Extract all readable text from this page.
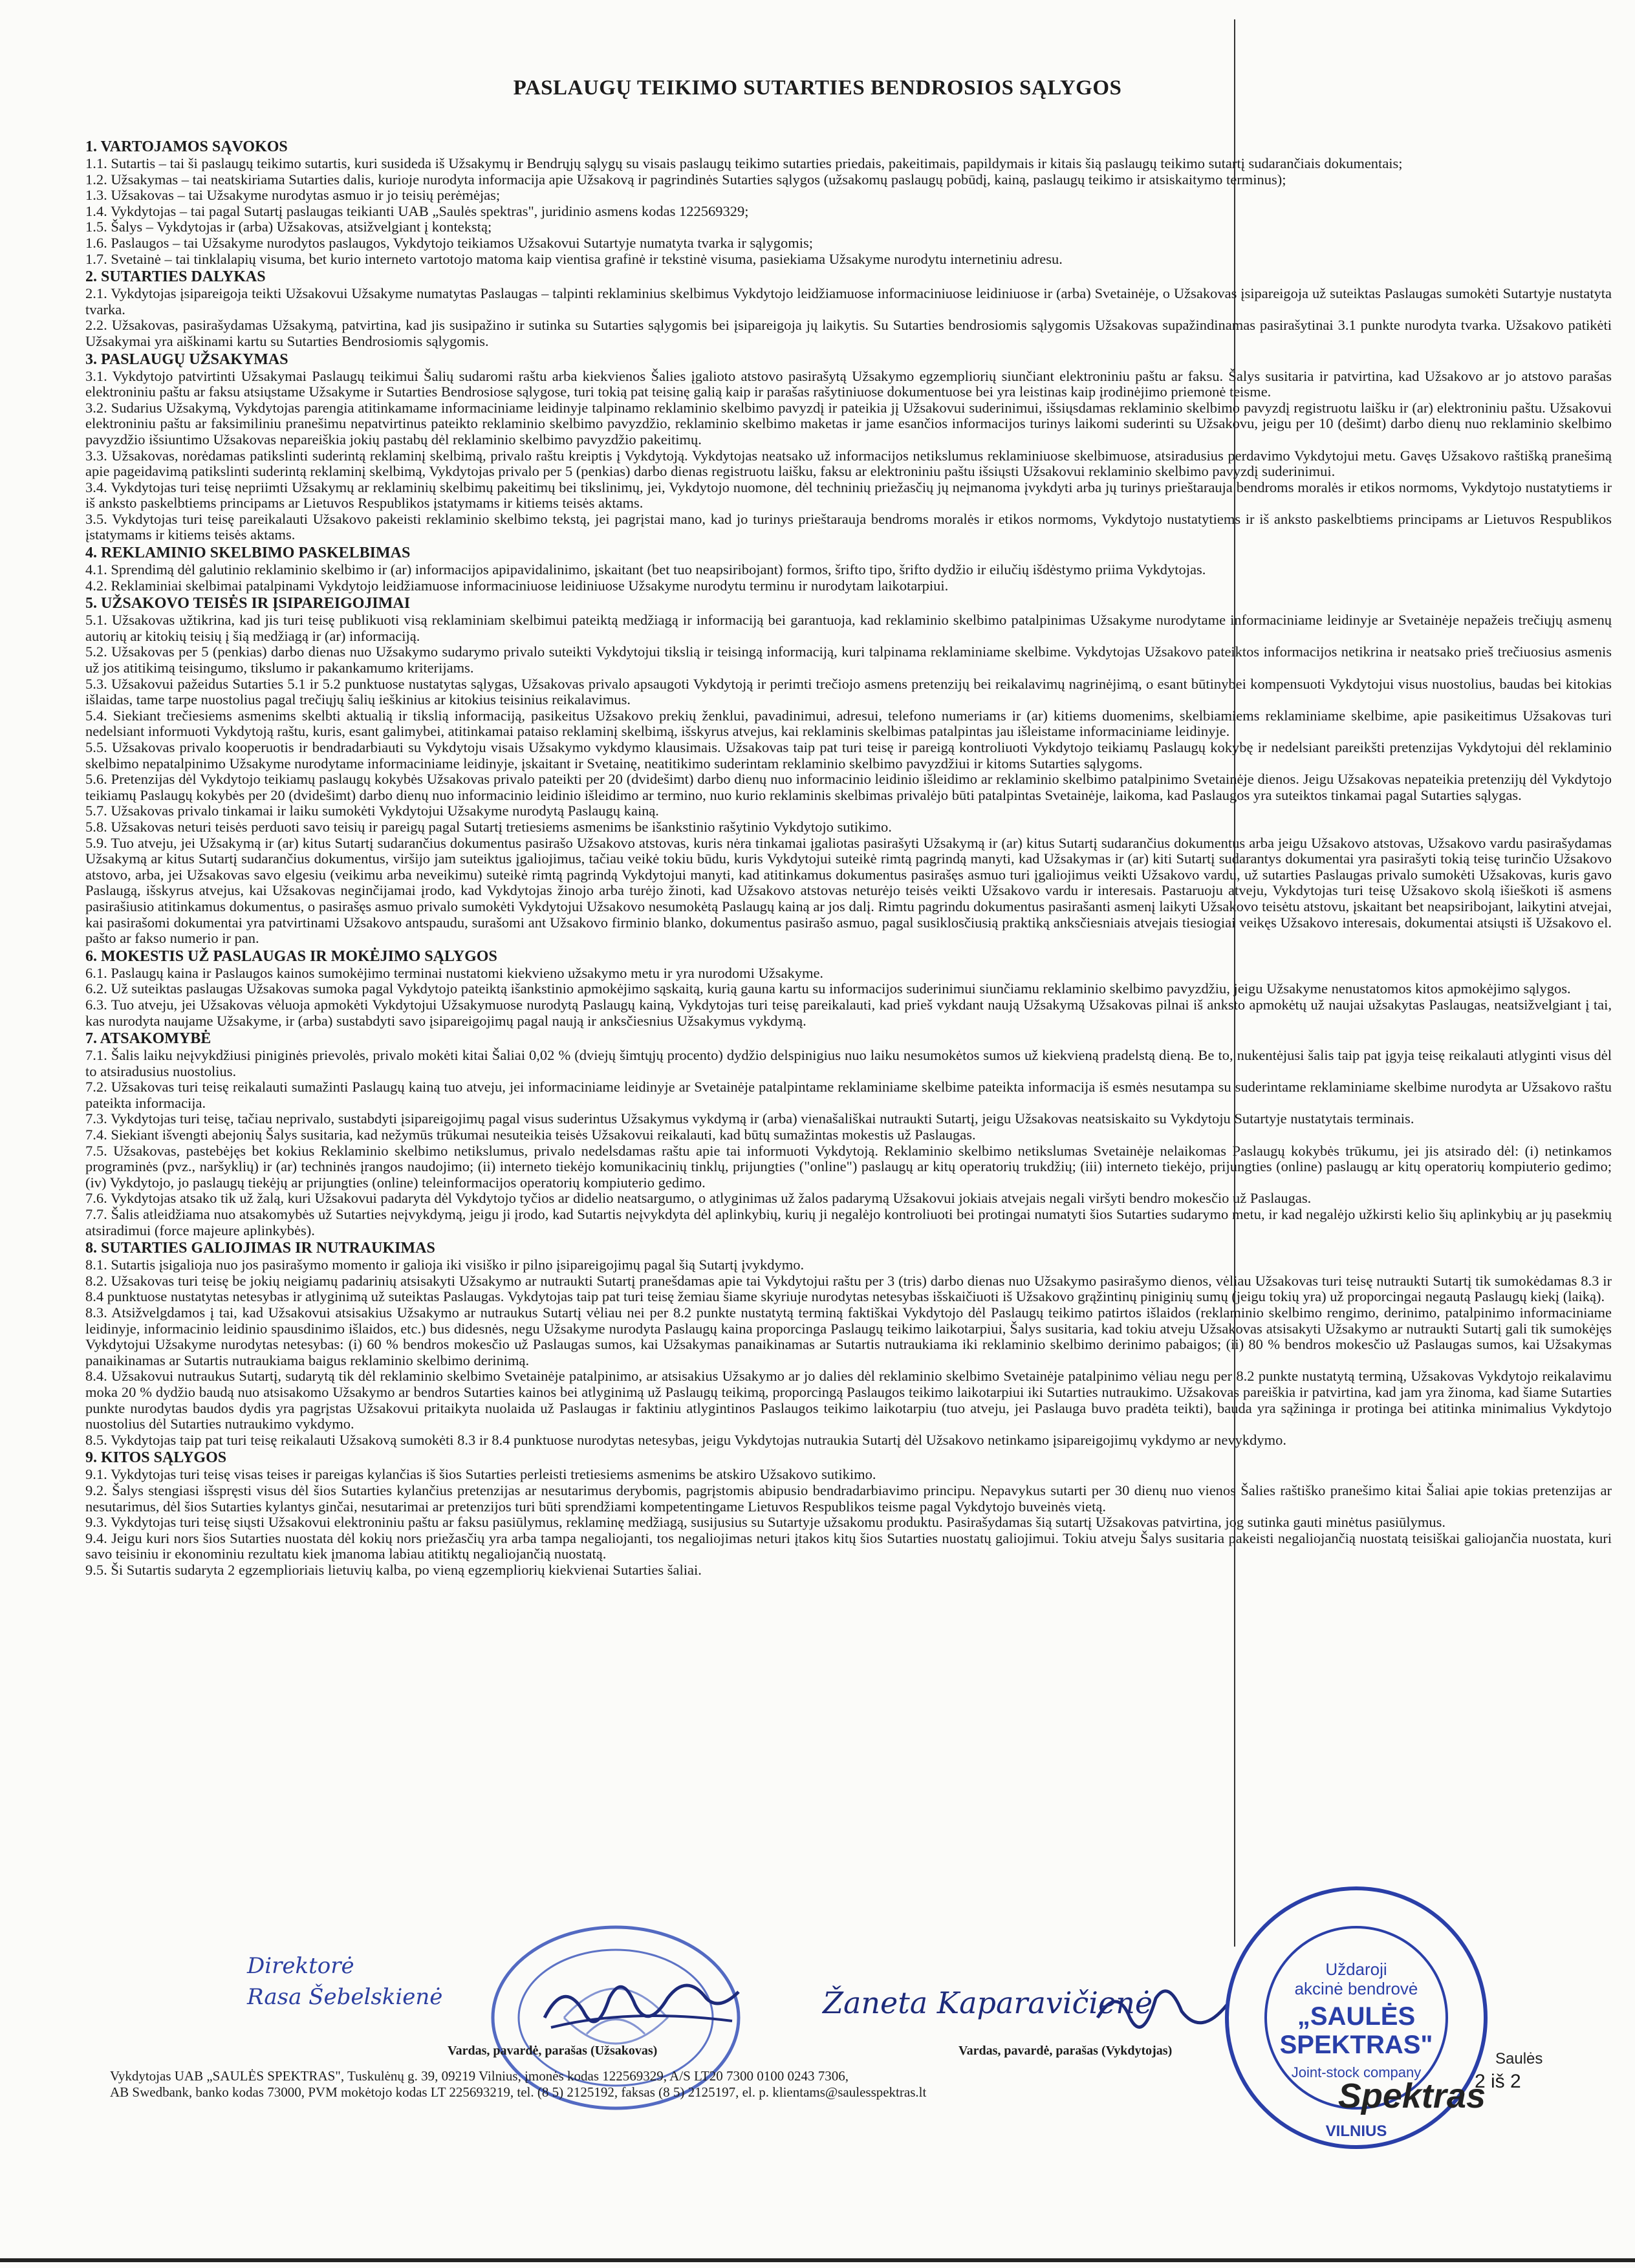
PASLAUGŲ TEIKIMO SUTARTIES BENDROSIOS SĄLYGOS
1. VARTOJAMOS SĄVOKOS

1.1. Sutartis – tai ši paslaugų teikimo sutartis, kuri susideda iš Užsakymų ir Bendrųjų sąlygų su visais paslaugų teikimo sutarties priedais, pakeitimais, papildymais ir kitais šią paslaugų teikimo sutartį sudarančiais dokumentais;

1.2. Užsakymas – tai neatskiriama Sutarties dalis, kurioje nurodyta informacija apie Užsakovą ir pagrindinės Sutarties sąlygos (užsakomų paslaugų pobūdį, kainą, paslaugų teikimo ir atsiskaitymo terminus);

1.3. Užsakovas – tai Užsakyme nurodytas asmuo ir jo teisių perėmėjas;

1.4. Vykdytojas – tai pagal Sutartį paslaugas teikianti UAB „Saulės spektras", juridinio asmens kodas 122569329;

1.5. Šalys – Vykdytojas ir (arba) Užsakovas, atsižvelgiant į kontekstą;

1.6. Paslaugos – tai Užsakyme nurodytos paslaugos, Vykdytojo teikiamos Užsakovui Sutartyje numatyta tvarka ir sąlygomis;

1.7. Svetainė – tai tinklalapių visuma, bet kurio interneto vartotojo matoma kaip vientisa grafinė ir tekstinė visuma, pasiekiama Užsakyme nurodytu internetiniu adresu.

2. SUTARTIES DALYKAS

2.1. Vykdytojas įsipareigoja teikti Užsakovui Užsakyme numatytas Paslaugas – talpinti reklaminius skelbimus Vykdytojo leidžiamuose informaciniuose leidiniuose ir (arba) Svetainėje, o Užsakovas įsipareigoja už suteiktas Paslaugas sumokėti Sutartyje nustatyta tvarka.

2.2. Užsakovas, pasirašydamas Užsakymą, patvirtina, kad jis susipažino ir sutinka su Sutarties sąlygomis bei įsipareigoja jų laikytis. Su Sutarties bendrosiomis sąlygomis Užsakovas supažindinamas pasirašytinai 3.1 punkte nurodyta tvarka. Užsakovo patikėti Užsakymai yra aiškinami kartu su Sutarties Bendrosiomis sąlygomis.

3. PASLAUGŲ UŽSAKYMAS

3.1. Vykdytojo patvirtinti Užsakymai Paslaugų teikimui Šalių sudaromi raštu arba kiekvienos Šalies įgalioto atstovo pasirašytą Užsakymo egzempliorių siunčiant elektroniniu paštu ar faksu. Šalys susitaria ir patvirtina, kad Užsakovo ar jo atstovo parašas elektroniniu paštu ar faksu atsiųstame Užsakyme ir Sutarties Bendrosiose sąlygose, turi tokią pat teisinę galią kaip ir parašas rašytiniuose dokumentuose bei yra leistinas kaip įrodinėjimo priemonė teisme.

3.2. Sudarius Užsakymą, Vykdytojas parengia atitinkamame informaciniame leidinyje talpinamo reklaminio skelbimo pavyzdį ir pateikia jį Užsakovui suderinimui, išsiųsdamas reklaminio skelbimo pavyzdį registruotu laišku ir (ar) elektroniniu paštu. Užsakovui elektroniniu paštu ar faksimiliniu pranešimu nepatvirtinus pateikto reklaminio skelbimo pavyzdžio, reklaminio skelbimo maketas ir jame esančios informacijos turinys laikomi suderinti su Užsakovu, jeigu per 10 (dešimt) darbo dienų nuo reklaminio skelbimo pavyzdžio išsiuntimo Užsakovas nepareiškia jokių pastabų dėl reklaminio skelbimo pavyzdžio pakeitimų.

3.3. Užsakovas, norėdamas patikslinti suderintą reklaminį skelbimą, privalo raštu kreiptis į Vykdytoją. Vykdytojas neatsako už informacijos netikslumus reklaminiuose skelbimuose, atsiradusius perdavimo Vykdytojui metu. Gavęs Užsakovo raštišką pranešimą apie pageidavimą patikslinti suderintą reklaminį skelbimą, Vykdytojas privalo per 5 (penkias) darbo dienas registruotu laišku, faksu ar elektroniniu paštu išsiųsti Užsakovui reklaminio skelbimo pavyzdį suderinimui.

3.4. Vykdytojas turi teisę nepriimti Užsakymų ar reklaminių skelbimų pakeitimų bei tikslinimų, jei, Vykdytojo nuomone, dėl techninių priežasčių jų neįmanoma įvykdyti arba jų turinys prieštarauja bendroms moralės ir etikos normoms, Vykdytojo nustatytiems ir iš anksto paskelbtiems principams ar Lietuvos Respublikos įstatymams ir kitiems teisės aktams.

3.5. Vykdytojas turi teisę pareikalauti Užsakovo pakeisti reklaminio skelbimo tekstą, jei pagrįstai mano, kad jo turinys prieštarauja bendroms moralės ir etikos normoms, Vykdytojo nustatytiems ir iš anksto paskelbtiems principams ar Lietuvos Respublikos įstatymams ir kitiems teisės aktams.

4. REKLAMINIO SKELBIMO PASKELBIMAS

4.1. Sprendimą dėl galutinio reklaminio skelbimo ir (ar) informacijos apipavidalinimo, įskaitant (bet tuo neapsiribojant) formos, šrifto tipo, šrifto dydžio ir eilučių išdėstymo priima Vykdytojas.

4.2. Reklaminiai skelbimai patalpinami Vykdytojo leidžiamuose informaciniuose leidiniuose Užsakyme nurodytu terminu ir nurodytam laikotarpiui.

5. UŽSAKOVO TEISĖS IR ĮSIPAREIGOJIMAI

5.1. Užsakovas užtikrina, kad jis turi teisę publikuoti visą reklaminiam skelbimui pateiktą medžiagą ir informaciją bei garantuoja, kad reklaminio skelbimo patalpinimas Užsakyme nurodytame informaciniame leidinyje ar Svetainėje nepažeis trečiųjų asmenų autorių ar kitokių teisių į šią medžiagą ir (ar) informaciją.

5.2. Užsakovas per 5 (penkias) darbo dienas nuo Užsakymo sudarymo privalo suteikti Vykdytojui tikslią ir teisingą informaciją, kuri talpinama reklaminiame skelbime. Vykdytojas Užsakovo pateiktos informacijos netikrina ir neatsako prieš trečiuosius asmenis už jos atitikimą teisingumo, tikslumo ir pakankamumo kriterijams.

5.3. Užsakovui pažeidus Sutarties 5.1 ir 5.2 punktuose nustatytas sąlygas, Užsakovas privalo apsaugoti Vykdytoją ir perimti trečiojo asmens pretenzijų bei reikalavimų nagrinėjimą, o esant būtinybei kompensuoti Vykdytojui visus nuostolius, baudas bei kitokias išlaidas, tame tarpe nuostolius pagal trečiųjų šalių ieškinius ar kitokius teisinius reikalavimus.

5.4. Siekiant trečiesiems asmenims skelbti aktualią ir tikslią informaciją, pasikeitus Užsakovo prekių ženklui, pavadinimui, adresui, telefono numeriams ir (ar) kitiems duomenims, skelbiamiems reklaminiame skelbime, apie pasikeitimus Užsakovas turi nedelsiant informuoti Vykdytoją raštu, kuris, esant galimybei, atitinkamai pataiso reklaminį skelbimą, išskyrus atvejus, kai reklaminis skelbimas patalpintas jau išleistame informaciniame leidinyje.

5.5. Užsakovas privalo kooperuotis ir bendradarbiauti su Vykdytoju visais Užsakymo vykdymo klausimais. Užsakovas taip pat turi teisę ir pareigą kontroliuoti Vykdytojo teikiamų Paslaugų kokybę ir nedelsiant pareikšti pretenzijas Vykdytojui dėl reklaminio skelbimo nepatalpinimo Užsakyme nurodytame informaciniame leidinyje, įskaitant ir Svetainę, neatitikimo suderintam reklaminio skelbimo pavyzdžiui ir kitoms Sutarties sąlygoms.

5.6. Pretenzijas dėl Vykdytojo teikiamų paslaugų kokybės Užsakovas privalo pateikti per 20 (dvidešimt) darbo dienų nuo informacinio leidinio išleidimo ar reklaminio skelbimo patalpinimo Svetainėje dienos. Jeigu Užsakovas nepateikia pretenzijų dėl Vykdytojo teikiamų Paslaugų kokybės per 20 (dvidešimt) darbo dienų nuo informacinio leidinio išleidimo ar termino, nuo kurio reklaminis skelbimas privalėjo būti patalpintas Svetainėje, laikoma, kad Paslaugos yra suteiktos tinkamai pagal Sutarties sąlygas.

5.7. Užsakovas privalo tinkamai ir laiku sumokėti Vykdytojui Užsakyme nurodytą Paslaugų kainą.

5.8. Užsakovas neturi teisės perduoti savo teisių ir pareigų pagal Sutartį tretiesiems asmenims be išankstinio rašytinio Vykdytojo sutikimo.

5.9. Tuo atveju, jei Užsakymą ir (ar) kitus Sutartį sudarančius dokumentus pasirašo Užsakovo atstovas, kuris nėra tinkamai įgaliotas pasirašyti Užsakymą ir (ar) kitus Sutartį sudarančius dokumentus arba jeigu Užsakovo atstovas, Užsakovo vardu pasirašydamas Užsakymą ar kitus Sutartį sudarančius dokumentus, viršijo jam suteiktus įgaliojimus, tačiau veikė tokiu būdu, kuris Vykdytojui suteikė rimtą pagrindą manyti, kad Užsakymas ir (ar) kiti Sutartį sudarantys dokumentai yra pasirašyti tokią teisę turinčio Užsakovo atstovo, arba, jei Užsakovas savo elgesiu (veikimu arba neveikimu) suteikė rimtą pagrindą Vykdytojui manyti, kad atitinkamus dokumentus pasirašęs asmuo turi įgaliojimus veikti Užsakovo vardu, už sutarties Paslaugas privalo sumokėti Užsakovas, kuris gavo Paslaugą, išskyrus atvejus, kai Užsakovas neginčijamai įrodo, kad Vykdytojas žinojo arba turėjo žinoti, kad Užsakovo atstovas neturėjo teisės veikti Užsakovo vardu ir interesais. Pastaruoju atveju, Vykdytojas turi teisę Užsakovo skolą išieškoti iš asmens pasirašiusio atitinkamus dokumentus, o pasirašęs asmuo privalo sumokėti Vykdytojui Užsakovo nesumokėtą Paslaugų kainą ar jos dalį. Rimtu pagrindu dokumentus pasirašanti asmenį laikyti Užsakovo teisėtu atstovu, įskaitant bet neapsiribojant, laikytini atvejai, kai pasirašomi dokumentai yra patvirtinami Užsakovo antspaudu, surašomi ant Užsakovo firminio blanko, dokumentus pasirašo asmuo, pagal susiklosčiusią praktiką anksčiesniais atvejais tiesiogiai veikęs Užsakovo interesais, dokumentai atsiųsti iš Užsakovo el. pašto ar fakso numerio ir pan.

6. MOKESTIS UŽ PASLAUGAS IR MOKĖJIMO SĄLYGOS

6.1. Paslaugų kaina ir Paslaugos kainos sumokėjimo terminai nustatomi kiekvieno užsakymo metu ir yra nurodomi Užsakyme.

6.2. Už suteiktas paslaugas Užsakovas sumoka pagal Vykdytojo pateiktą išankstinio apmokėjimo sąskaitą, kurią gauna kartu su informacijos suderinimui siunčiamu reklaminio skelbimo pavyzdžiu, jeigu Užsakyme nenustatomos kitos apmokėjimo sąlygos.

6.3. Tuo atveju, jei Užsakovas vėluoja apmokėti Vykdytojui Užsakymuose nurodytą Paslaugų kainą, Vykdytojas turi teisę pareikalauti, kad prieš vykdant naują Užsakymą Užsakovas pilnai iš anksto apmokėtų už naujai užsakytas Paslaugas, neatsižvelgiant į tai, kas nurodyta naujame Užsakyme, ir (arba) sustabdyti savo įsipareigojimų pagal naują ir anksčiesnius Užsakymus vykdymą.

7. ATSAKOMYBĖ

7.1. Šalis laiku neįvykdžiusi piniginės prievolės, privalo mokėti kitai Šaliai 0,02 % (dviejų šimtųjų procento) dydžio delspinigius nuo laiku nesumokėtos sumos už kiekvieną pradelstą dieną. Be to, nukentėjusi šalis taip pat įgyja teisę reikalauti atlyginti visus dėl to atsiradusius nuostolius.

7.2. Užsakovas turi teisę reikalauti sumažinti Paslaugų kainą tuo atveju, jei informaciniame leidinyje ar Svetainėje patalpintame reklaminiame skelbime pateikta informacija iš esmės nesutampa su suderintame reklaminiame skelbime nurodyta ar Užsakovo raštu pateikta informacija.

7.3. Vykdytojas turi teisę, tačiau neprivalo, sustabdyti įsipareigojimų pagal visus suderintus Užsakymus vykdymą ir (arba) vienašališkai nutraukti Sutartį, jeigu Užsakovas neatsiskaito su Vykdytoju Sutartyje nustatytais terminais.

7.4. Siekiant išvengti abejonių Šalys susitaria, kad nežymūs trūkumai nesuteikia teisės Užsakovui reikalauti, kad būtų sumažintas mokestis už Paslaugas.

7.5. Užsakovas, pastebėjęs bet kokius Reklaminio skelbimo netikslumus, privalo nedelsdamas raštu apie tai informuoti Vykdytoją. Reklaminio skelbimo netikslumas Svetainėje nelaikomas Paslaugų kokybės trūkumu, jei jis atsirado dėl: (i) netinkamos programinės (pvz., naršyklių) ir (ar) techninės įrangos naudojimo; (ii) interneto tiekėjo komunikacinių tinklų, prijungties ("online") paslaugų ar kitų operatorių trukdžių; (iii) interneto tiekėjo, prijungties (online) paslaugų ar kitų operatorių kompiuterio gedimo; (iv) Vykdytojo, jo paslaugų tiekėjų ar prijungties (online) teleinformacijos operatorių kompiuterio gedimo.

7.6. Vykdytojas atsako tik už žalą, kuri Užsakovui padaryta dėl Vykdytojo tyčios ar didelio neatsargumo, o atlyginimas už žalos padarymą Užsakovui jokiais atvejais negali viršyti bendro mokesčio už Paslaugas.

7.7. Šalis atleidžiama nuo atsakomybės už Sutarties neįvykdymą, jeigu ji įrodo, kad Sutartis neįvykdyta dėl aplinkybių, kurių ji negalėjo kontroliuoti bei protingai numatyti šios Sutarties sudarymo metu, ir kad negalėjo užkirsti kelio šių aplinkybių ar jų pasekmių atsiradimui (force majeure aplinkybės).

8. SUTARTIES GALIOJIMAS IR NUTRAUKIMAS

8.1. Sutartis įsigalioja nuo jos pasirašymo momento ir galioja iki visiško ir pilno įsipareigojimų pagal šią Sutartį įvykdymo.

8.2. Užsakovas turi teisę be jokių neigiamų padarinių atsisakyti Užsakymo ar nutraukti Sutartį pranešdamas apie tai Vykdytojui raštu per 3 (tris) darbo dienas nuo Užsakymo pasirašymo dienos, vėliau Užsakovas turi teisę nutraukti Sutartį tik sumokėdamas 8.3 ir 8.4 punktuose nustatytas netesybas ir atlyginimą už suteiktas Paslaugas. Vykdytojas taip pat turi teisę žemiau šiame skyriuje nurodytas netesybas išskaičiuoti iš Užsakovo grąžintinų piniginių sumų (jeigu tokių yra) už proporcingai negautą Paslaugų kiekį (laiką).

8.3. Atsižvelgdamos į tai, kad Užsakovui atsisakius Užsakymo ar nutraukus Sutartį vėliau nei per 8.2 punkte nustatytą terminą faktiškai Vykdytojo dėl Paslaugų teikimo patirtos išlaidos (reklaminio skelbimo rengimo, derinimo, patalpinimo informaciniame leidinyje, informacinio leidinio spausdinimo išlaidos, etc.) bus didesnės, negu Užsakyme nurodyta Paslaugų kaina proporcinga Paslaugų teikimo laikotarpiui, Šalys susitaria, kad tokiu atveju Užsakovas atsisakyti Užsakymo ar nutraukti Sutartį gali tik sumokėjęs Vykdytojui Užsakyme nurodytas netesybas: (i) 60 % bendros mokesčio už Paslaugas sumos, kai Užsakymas panaikinamas ar Sutartis nutraukiama iki reklaminio skelbimo derinimo pabaigos; (ii) 80 % bendros mokesčio už Paslaugas sumos, kai Užsakymas panaikinamas ar Sutartis nutraukiama baigus reklaminio skelbimo derinimą.

8.4. Užsakovui nutraukus Sutartį, sudarytą tik dėl reklaminio skelbimo Svetainėje patalpinimo, ar atsisakius Užsakymo ar jo dalies dėl reklaminio skelbimo Svetainėje patalpinimo vėliau negu per 8.2 punkte nustatytą terminą, Užsakovas Vykdytojo reikalavimu moka 20 % dydžio baudą nuo atsisakomo Užsakymo ar bendros Sutarties kainos bei atlyginimą už Paslaugų teikimą, proporcingą Paslaugos teikimo laikotarpiui iki Sutarties nutraukimo. Užsakovas pareiškia ir patvirtina, kad jam yra žinoma, kad šiame Sutarties punkte nurodytas baudos dydis yra pagrįstas Užsakovui pritaikyta nuolaida už Paslaugas ir faktiniu atlygintinos Paslaugos teikimo laikotarpiu (tuo atveju, jei Paslauga buvo pradėta teikti), bauda yra sąžininga ir protinga bei atitinka minimalius Vykdytojo nuostolius dėl Sutarties nutraukimo vykdymo.

8.5. Vykdytojas taip pat turi teisę reikalauti Užsakovą sumokėti 8.3 ir 8.4 punktuose nurodytas netesybas, jeigu Vykdytojas nutraukia Sutartį dėl Užsakovo netinkamo įsipareigojimų vykdymo ar nevykdymo.

9. KITOS SĄLYGOS

9.1. Vykdytojas turi teisę visas teises ir pareigas kylančias iš šios Sutarties perleisti tretiesiems asmenims be atskiro Užsakovo sutikimo.

9.2. Šalys stengiasi išspręsti visus dėl šios Sutarties kylančius pretenzijas ar nesutarimus derybomis, pagrįstomis abipusio bendradarbiavimo principu. Nepavykus sutarti per 30 dienų nuo vienos Šalies raštiško pranešimo kitai Šaliai apie tokias pretenzijas ar nesutarimus, dėl šios Sutarties kylantys ginčai, nesutarimai ar pretenzijos turi būti sprendžiami kompetentingame Lietuvos Respublikos teisme pagal Vykdytojo buveinės vietą.

9.3. Vykdytojas turi teisę siųsti Užsakovui elektroniniu paštu ar faksu pasiūlymus, reklaminę medžiagą, susijusius su Sutartyje užsakomu produktu. Pasirašydamas šią sutartį Užsakovas patvirtina, jog sutinka gauti minėtus pasiūlymus.

9.4. Jeigu kuri nors šios Sutarties nuostata dėl kokių nors priežasčių yra arba tampa negaliojanti, tos negaliojimas neturi įtakos kitų šios Sutarties nuostatų galiojimui. Tokiu atveju Šalys susitaria pakeisti negaliojančią nuostatą teisiškai galiojančia nuostata, kuri savo teisiniu ir ekonominiu rezultatu kiek įmanoma labiau atitiktų negaliojančią nuostatą.

9.5. Ši Sutartis sudaryta 2 egzemplioriais lietuvių kalba, po vieną egzempliorių kiekvienai Sutarties šaliai.

Direktorė
Rasa Šebelskienė
Vardas, pavardė, parašas (Užsakovas)
Žaneta Kaparavičienė
Vardas, pavardė, parašas (Vykdytojas)
Uždaroji
akcinė bendrovė
„SAULĖS
SPEKTRAS"
Joint-stock company
Spektras
VILNIUS
Saulės
Vykdytojas UAB „SAULĖS SPEKTRAS", Tuskulėnų g. 39, 09219 Vilnius, įmonės kodas 122569329, A/S LT20 7300 0100 0243 7306,
AB Swedbank, banko kodas 73000, PVM mokėtojo kodas LT 225693219, tel. (8 5) 2125192, faksas (8 5) 2125197, el. p. klientams@saulesspektras.lt	2 iš 2
